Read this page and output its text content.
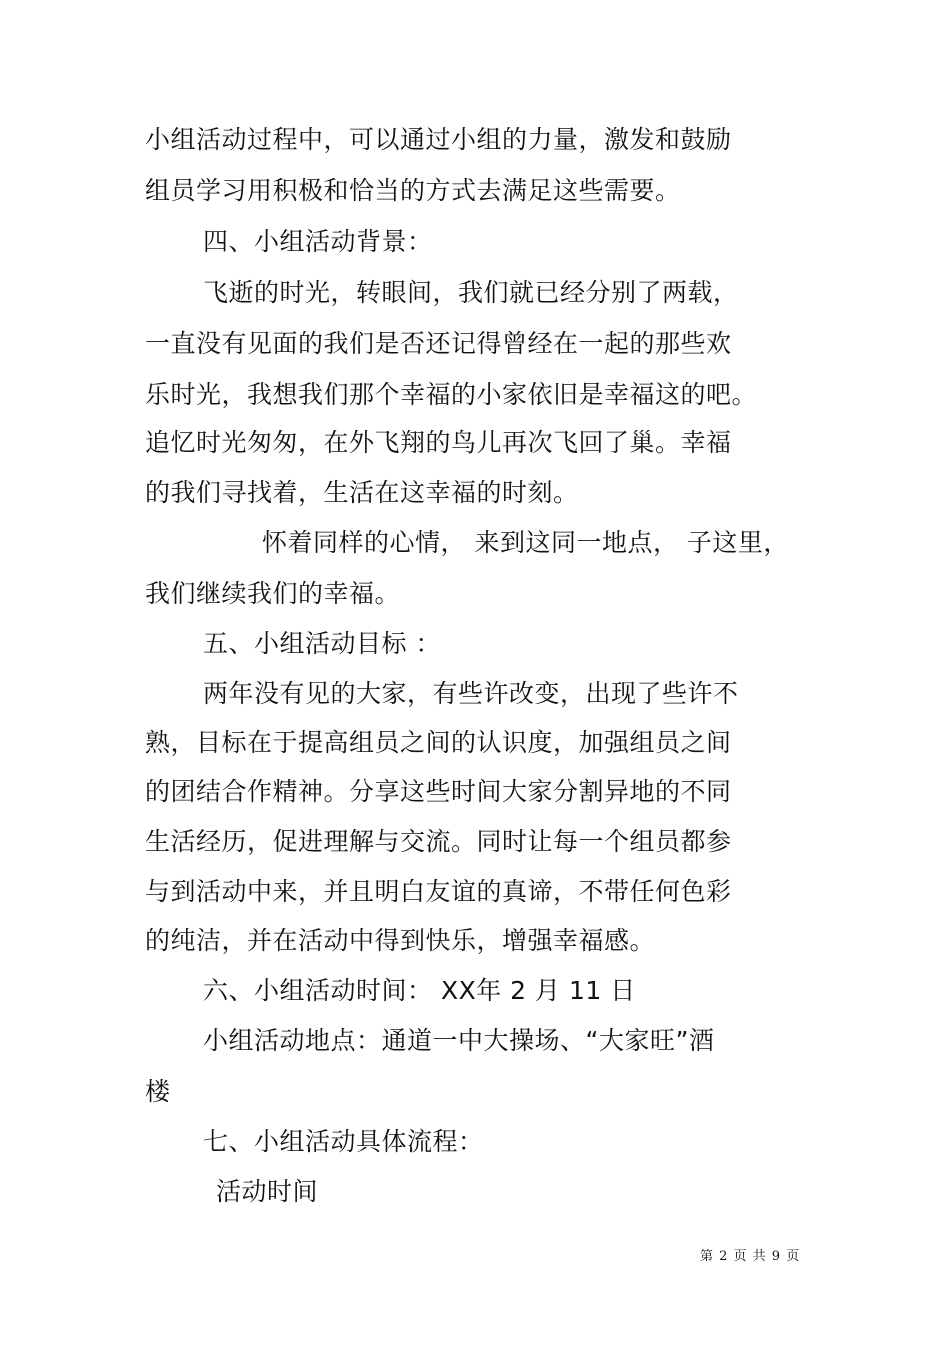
小组活动过程中，可以通过小组的力量，激发和鼓励
组员学习用积极和恰当的方式去满足这些需要。
四、小组活动背景：
飞逝的时光，转眼间，我们就已经分别了两载，
一直没有见面的我们是否还记得曾经在一起的那些欢
乐时光，我想我们那个幸福的小家依旧是幸福这的吧。
追忆时光匆匆，在外飞翔的鸟儿再次飞回了巢。幸福
的我们寻找着，生活在这幸福的时刻。
怀着同样的心情， 来到这同一地点， 子这里，
我们继续我们的幸福。
五、小组活动目标 ：
两年没有见的大家，有些许改变，出现了些许不
熟，目标在于提高组员之间的认识度，加强组员之间
的团结合作精神。分享这些时间大家分割异地的不同
生活经历，促进理解与交流。同时让每一个组员都参
与到活动中来，并且明白友谊的真谛，不带任何色彩
的纯洁，并在活动中得到快乐，增强幸福感。
六、小组活动时间： XX年 2 月 11 日
小组活动地点：通道一中大操场、“大家旺”酒
楼
七、小组活动具体流程：
活动时间
第 2 页 共 9 页
